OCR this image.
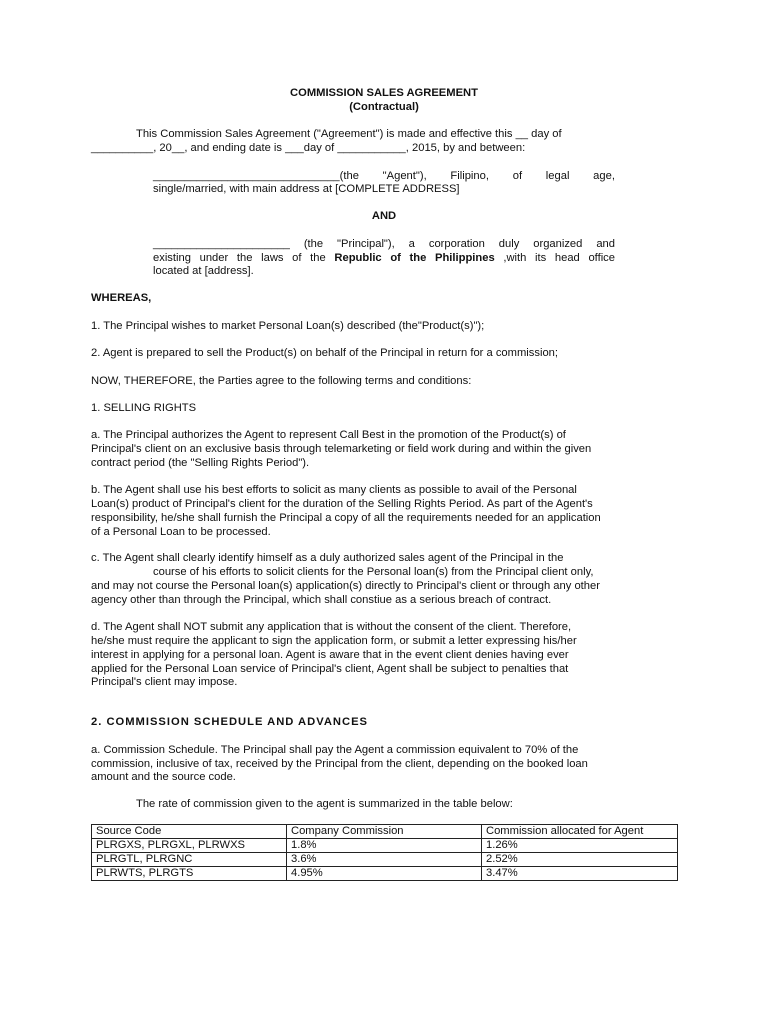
COMMISSION SALES AGREEMENT

(Contractual)

This Commission Sales Agreement ("Agreement") is made and effective this __ day of

__________, 20__, and ending date is ___day of ___________, 2015, by and between:

______________________________(the "Agent"), Filipino, of legal age,

single/married, with main address at [COMPLETE ADDRESS]

AND

______________________ (the "Principal"), a corporation duly organized and

existing under the laws of the Republic of the Philippines ,with its head office

located at [address].

WHEREAS,

1. The Principal wishes to market Personal Loan(s) described (the"Product(s)");

2. Agent is prepared to sell the Product(s) on behalf of the Principal in return for a commission;

NOW, THEREFORE, the Parties agree to the following terms and conditions:

1. SELLING RIGHTS

a. The Principal authorizes the Agent to represent Call Best in the promotion of the Product(s) of

Principal's client on an exclusive basis through telemarketing or field work during and within the given

contract period (the "Selling Rights Period").

b. The Agent shall use his best efforts to solicit as many clients as possible to avail of the Personal

Loan(s) product of Principal's client for the duration of the Selling Rights Period. As part of the Agent's

responsibility, he/she shall furnish the Principal a copy of all the requirements needed for an application

of a Personal Loan to be processed.

c. The Agent shall clearly identify himself as a duly authorized sales agent of the Principal in the

course of his efforts to solicit clients for the Personal loan(s) from the Principal client only,

and may not course the Personal loan(s) application(s) directly to Principal's client or through any other

agency other than through the Principal, which shall constiue as a serious breach of contract.

d. The Agent shall NOT submit any application that is without the consent of the client. Therefore,

he/she must require the applicant to sign the application form, or submit a letter expressing his/her

interest in applying for a personal loan. Agent is aware that in the event client denies having ever

applied for the Personal Loan service of Principal's client, Agent shall be subject to penalties that

Principal's client may impose.

2. COMMISSION SCHEDULE AND ADVANCES

a. Commission Schedule. The Principal shall pay the Agent a commission equivalent to 70% of the

commission, inclusive of tax, received by the Principal from the client, depending on the booked loan

amount and the source code.

The rate of commission given to the agent is summarized in the table below:

Source Code	Company Commission	Commission allocated for Agent
PLRGXS, PLRGXL, PLRWXS	1.8%	1.26%
PLRGTL, PLRGNC	3.6%	2.52%
PLRWTS, PLRGTS	4.95%	3.47%
